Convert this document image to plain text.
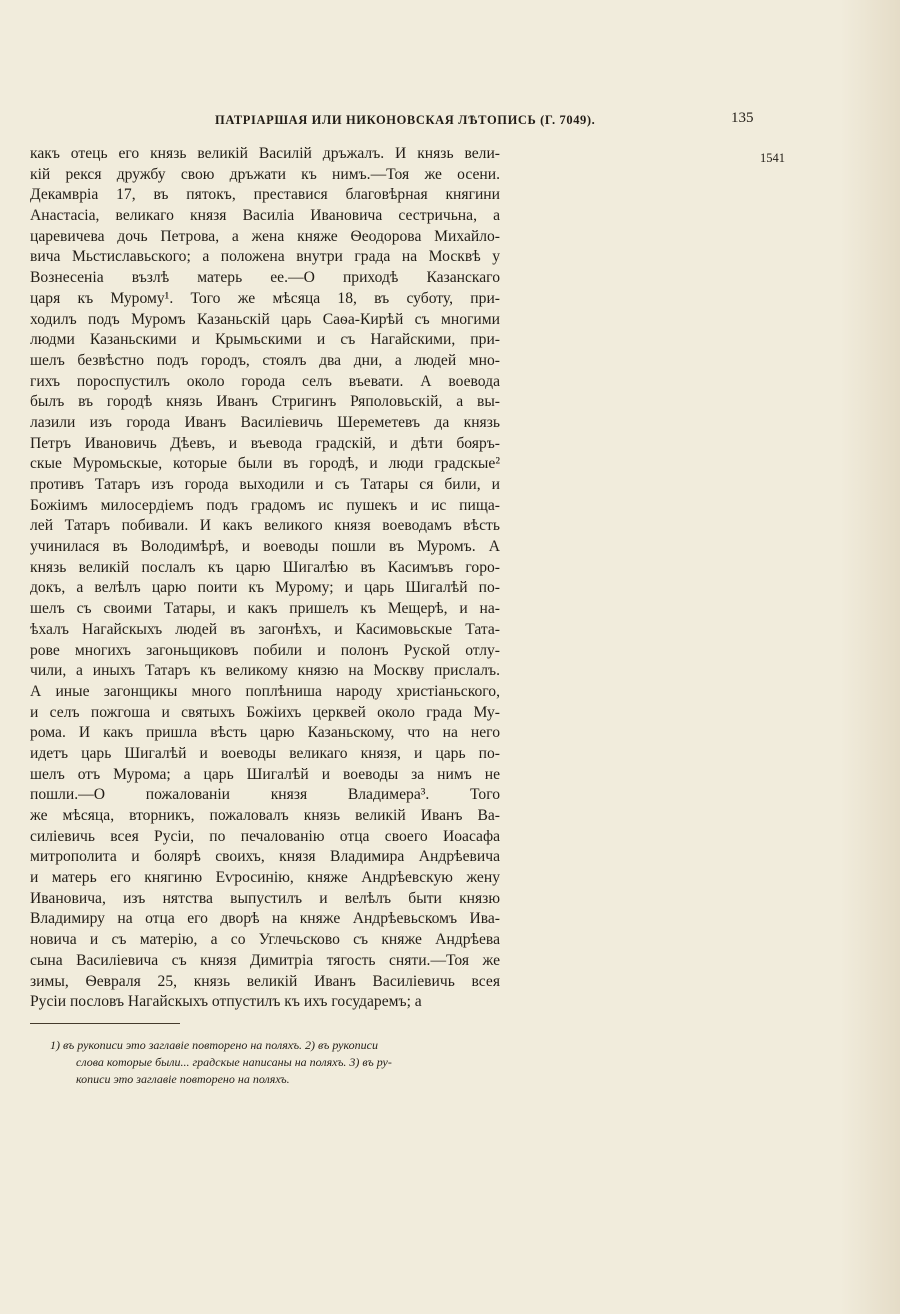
ПАТРІАРШАЯ ИЛИ НИКОНОВСКАЯ ЛѢТОПИСЬ (Г. 7049).	135
1541
какъ отець его князь великій Василій дръжалъ. И князь вели-
кій рекся дружбу свою дръжати къ нимъ.—Тоя же осени.
Декамвріа 17, въ пятокъ, преставися благовѣрная княгини
Анастасіа, великаго князя Василіа Ивановича сестричьна, а
царевичева дочь Петрова, а жена княже Ѳеодорова Михайло-
вича Мьстиславьского; а положена внутри града на Москвѣ у
Вознесеніа възлѣ матерь ее.—О приходѣ Казанскаго
царя къ Мурому¹. Того же мѣсяца 18, въ суботу, при-
ходилъ подъ Муромъ Казаньскій царь Саѳа-Кирѣй съ многими
людми Казаньскими и Крымьскими и съ Нагайскими, при-
шелъ безвѣстно подъ городъ, стоялъ два дни, а людей мно-
гихъ пороспустилъ около города селъ въевати. А воевода
былъ въ городѣ князь Иванъ Стригинъ Ряполовьскій, а вы-
лазили изъ города Иванъ Василіевичь Шереметевъ да князь
Петръ Ивановичь Дѣевъ, и въевода градскій, и дѣти бояръ-
скые Муромьскые, которые были въ городѣ, и люди градскые²
противъ Татаръ изъ города выходили и съ Татары ся били, и
Божіимъ милосердіемъ подъ градомъ ис пушекъ и ис пища-
лей Татаръ побивали. И какъ великого князя воеводамъ вѣсть
учинилася въ Володимѣрѣ, и воеводы пошли въ Муромъ. А
князь великій послалъ къ царю Шигалѣю въ Касимъвъ горо-
докъ, а велѣлъ царю поити къ Мурому; и царь Шигалѣй по-
шелъ съ своими Татары, и какъ пришелъ къ Мещерѣ, и на-
ѣхалъ Нагайскыхъ людей въ загонѣхъ, и Касимовьскые Тата-
рове многихъ загоньщиковъ побили и полонъ Руской отлу-
чили, а иныхъ Татаръ къ великому князю на Москву прислалъ.
А иные загонщикы много поплѣниша народу христіаньского,
и селъ пожгоша и святыхъ Божіихъ церквей около града Му-
рома. И какъ пришла вѣсть царю Казаньскому, что на него
идетъ царь Шигалѣй и воеводы великаго князя, и царь по-
шелъ отъ Мурома; а царь Шигалѣй и воеводы за нимъ не
пошли.—О пожалованіи князя Владимера³. Того
же мѣсяца, вторникъ, пожаловалъ князь великій Иванъ Ва-
силіевичь всея Русіи, по печалованію отца своего Иоасафа
митрополита и болярѣ своихъ, князя Владимира Андрѣевича
и матерь его княгиню Еѵросинію, княже Андрѣевскую жену
Ивановича, изъ нятства выпустилъ и велѣлъ быти князю
Владимиру на отца его дворѣ на княже Андрѣевьскомъ Ива-
новича и съ матерію, а со Углечьсково съ княже Андрѣева
сына Василіевича съ князя Димитріа тягость сняти.—Тоя же
зимы, Ѳевраля 25, князь великій Иванъ Василіевичь всея
Русіи пословъ Нагайскыхъ отпустилъ къ ихъ государемъ; а
1) въ рукописи это заглавіе повторено на поляхъ. 2) въ рукописи
слова которые были... градскые написаны на поляхъ. 3) въ ру-
кописи это заглавіе повторено на поляхъ.
